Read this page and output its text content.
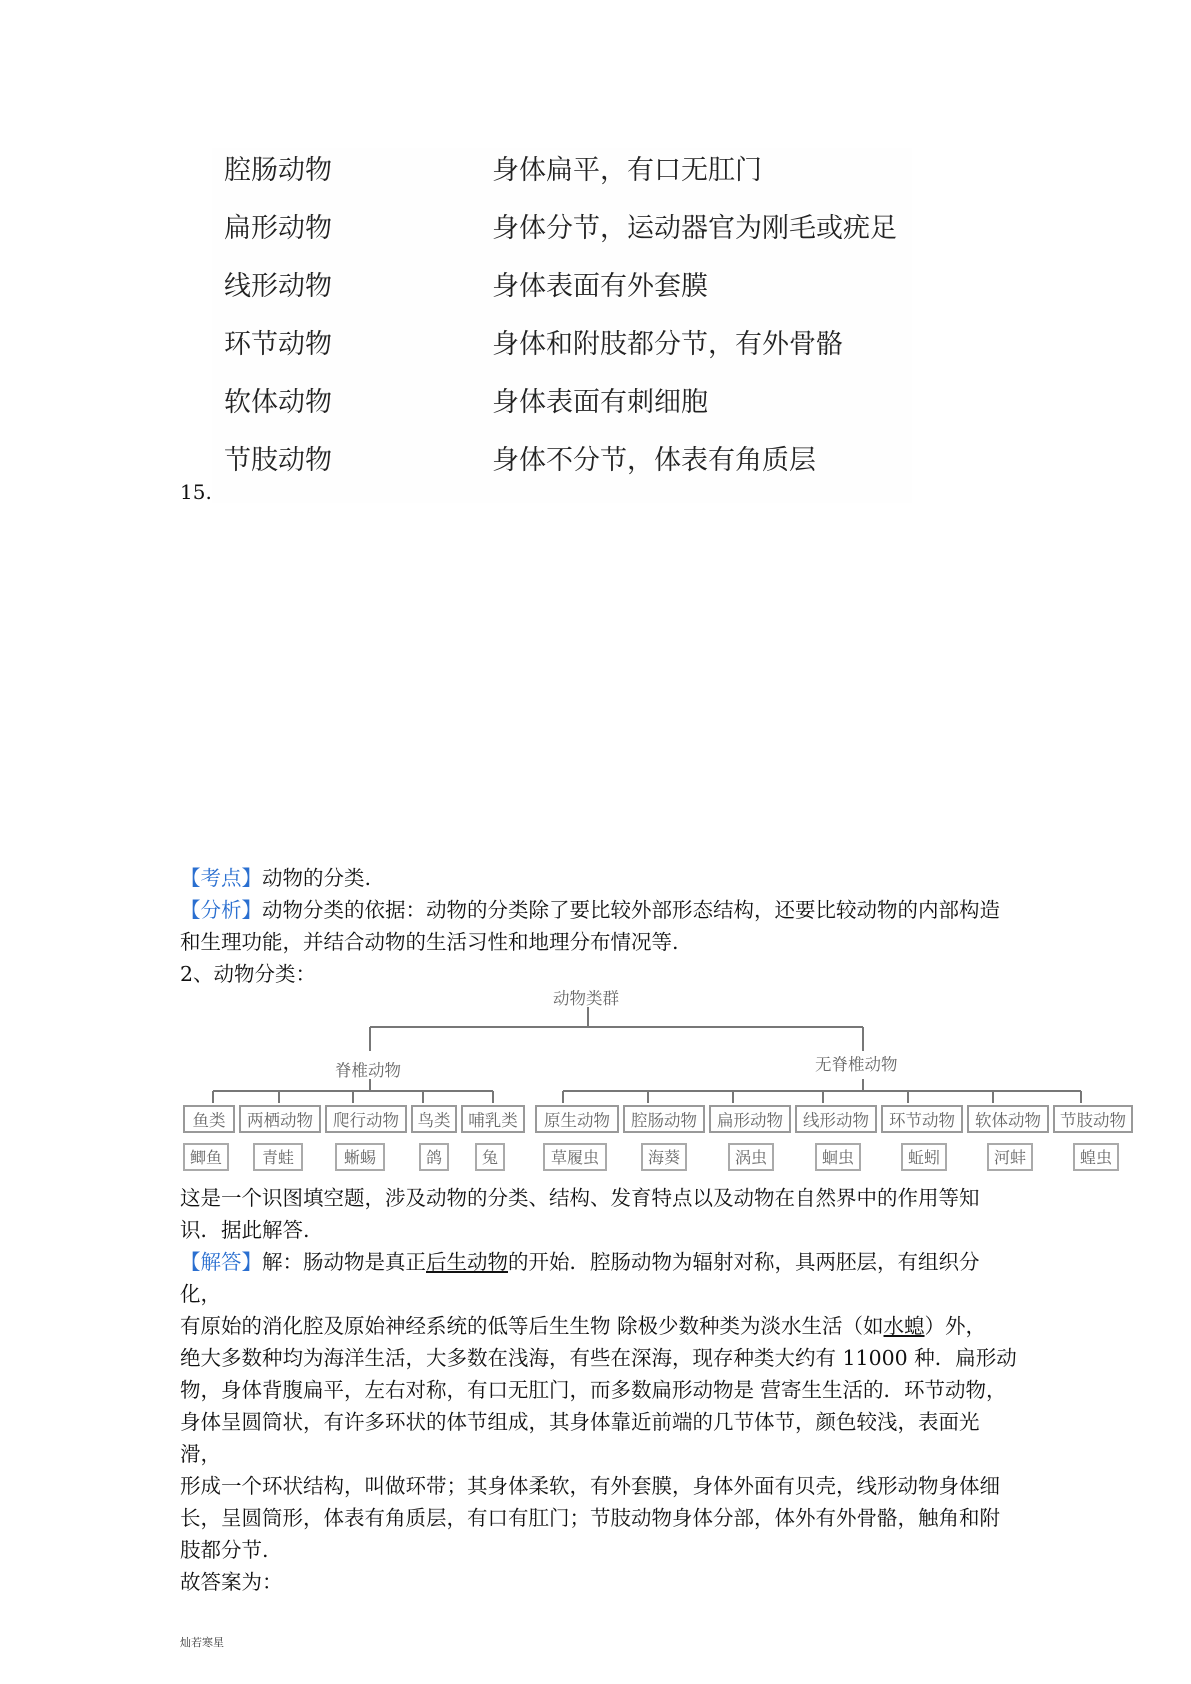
15.
腔肠动物	身体扁平，有口无肛门
扁形动物	身体分节，运动器官为刚毛或疣足
线形动物	身体表面有外套膜
环节动物	身体和附肢都分节，有外骨骼
软体动物	身体表面有刺细胞
节肢动物	身体不分节，体表有角质层
【考点】动物的分类.
【分析】动物分类的依据：动物的分类除了要比较外部形态结构，还要比较动物的内部构造
和生理功能，并结合动物的生活习性和地理分布情况等.
2、动物分类：
动物类群
脊椎动物	无脊椎动物
鱼类	两栖动物	爬行动物	鸟类	哺乳类	原生动物	腔肠动物	扁形动物	线形动物	环节动物	软体动物	节肢动物
鲫鱼	青蛙	蜥蜴	鸽	兔	草履虫	海葵	涡虫	蛔虫	蚯蚓	河蚌	蝗虫
这是一个识图填空题，涉及动物的分类、结构、发育特点以及动物在自然界中的作用等知
识．据此解答.
【解答】解：肠动物是真正后生动物的开始．腔肠动物为辐射对称，具两胚层，有组织分化，
有原始的消化腔及原始神经系统的低等后生生物 除极少数种类为淡水生活（如水螅）外，
绝大多数种均为海洋生活，大多数在浅海，有些在深海，现存种类大约有 11000 种．扁形动
物，身体背腹扁平，左右对称，有口无肛门，而多数扁形动物是 营寄生生活的．环节动物，
身体呈圆筒状，有许多环状的体节组成，其身体靠近前端的几节体节，颜色较浅，表面光滑，
形成一个环状结构，叫做环带；其身体柔软，有外套膜，身体外面有贝壳，线形动物身体细
长，呈圆筒形，体表有角质层，有口有肛门；节肢动物身体分部，体外有外骨骼，触角和附
肢都分节.
故答案为：
灿若寒星
